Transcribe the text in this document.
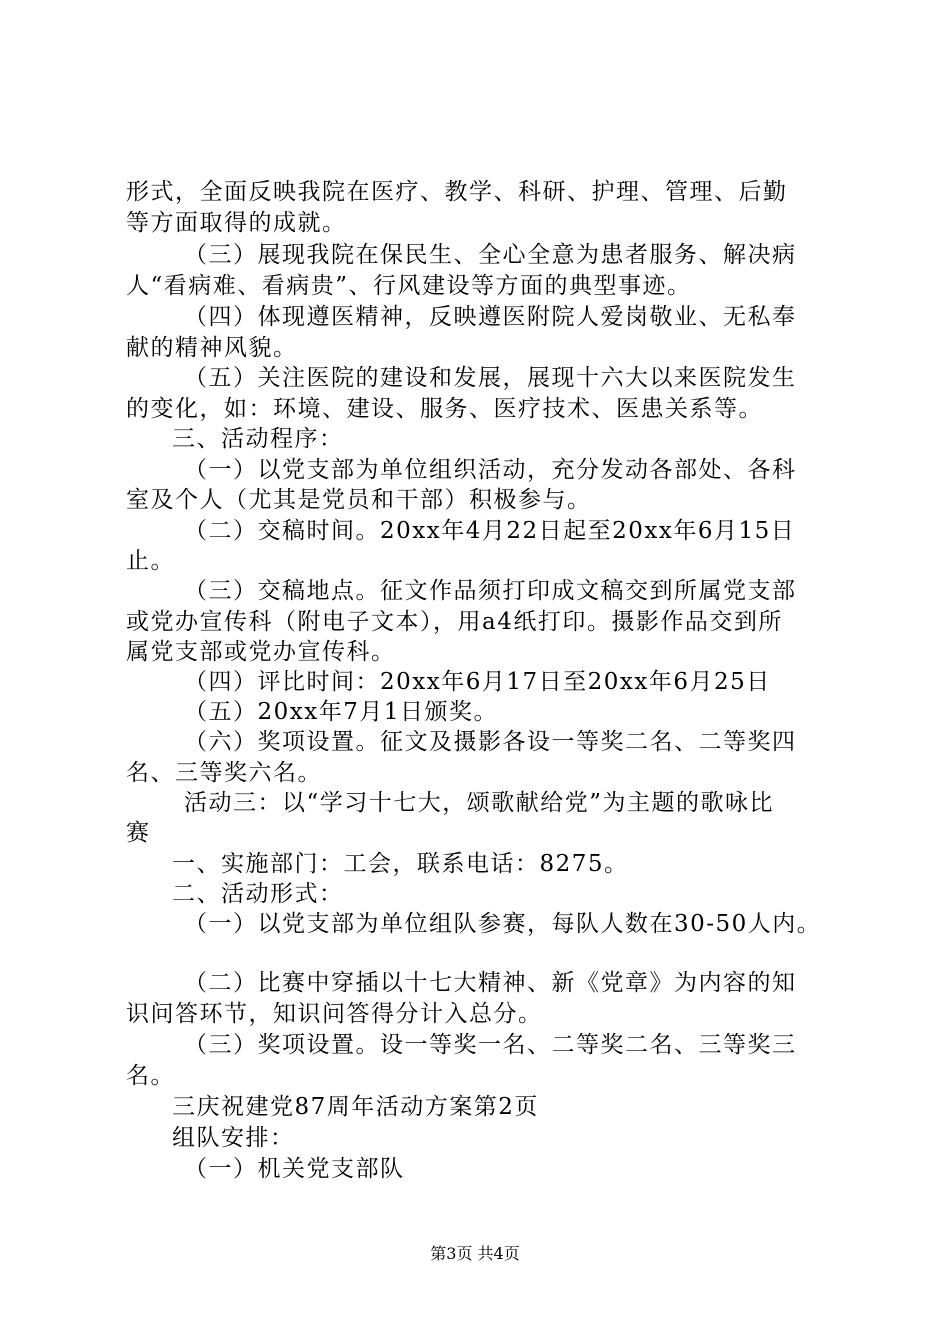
形式，全面反映我院在医疗、教学、科研、护理、管理、后勤
等方面取得的成就。
（三）展现我院在保民生、全心全意为患者服务、解决病
人“看病难、看病贵”、行风建设等方面的典型事迹。
（四）体现遵医精神，反映遵医附院人爱岗敬业、无私奉
献的精神风貌。
（五）关注医院的建设和发展，展现十六大以来医院发生
的变化，如：环境、建设、服务、医疗技术、医患关系等。
三、活动程序：
（一）以党支部为单位组织活动，充分发动各部处、各科
室及个人（尤其是党员和干部）积极参与。
（二）交稿时间。20xx年4月22日起至20xx年6月15日
止。
（三）交稿地点。征文作品须打印成文稿交到所属党支部
或党办宣传科（附电子文本），用a4纸打印。摄影作品交到所
属党支部或党办宣传科。
（四）评比时间：20xx年6月17日至20xx年6月25日
（五）20xx年7月1日颁奖。
（六）奖项设置。征文及摄影各设一等奖二名、二等奖四
名、三等奖六名。
活动三：以“学习十七大，颂歌献给党”为主题的歌咏比
赛
一、实施部门：工会，联系电话：8275。
二、活动形式：
（一）以党支部为单位组队参赛，每队人数在30-50人内。
（二）比赛中穿插以十七大精神、新《党章》为内容的知
识问答环节，知识问答得分计入总分。
（三）奖项设置。设一等奖一名、二等奖二名、三等奖三
名。
三庆祝建党87周年活动方案第2页
组队安排：
（一）机关党支部队
第3页 共4页
